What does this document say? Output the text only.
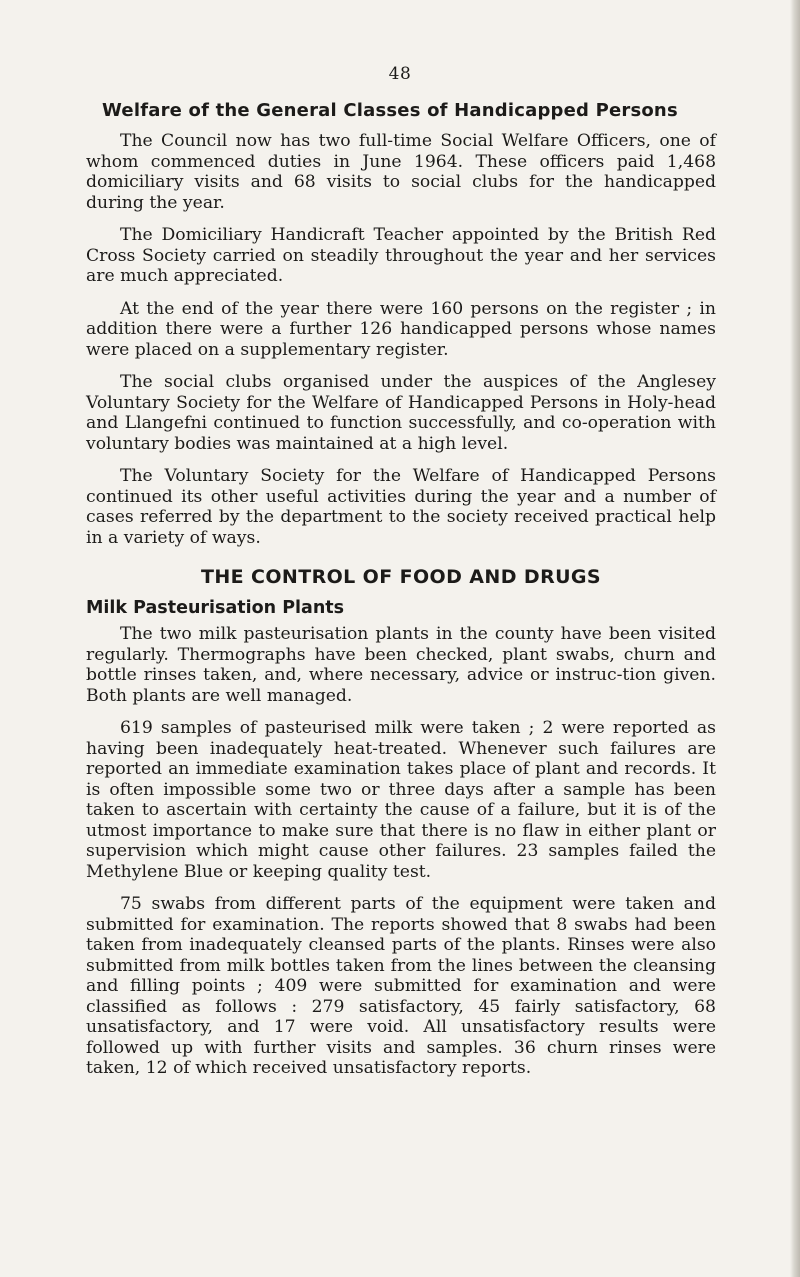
48
Welfare of the General Classes of Handicapped Persons

The Council now has two full-time Social Welfare Officers, one of whom commenced duties in June 1964. These officers paid 1,468 domiciliary visits and 68 visits to social clubs for the handicapped during the year.

The Domiciliary Handicraft Teacher appointed by the British Red Cross Society carried on steadily throughout the year and her services are much appreciated.

At the end of the year there were 160 persons on the register ; in addition there were a further 126 handicapped persons whose names were placed on a supplementary register.

The social clubs organised under the auspices of the Anglesey Voluntary Society for the Welfare of Handicapped Persons in Holy-head and Llangefni continued to function successfully, and co-operation with voluntary bodies was maintained at a high level.

The Voluntary Society for the Welfare of Handicapped Persons continued its other useful activities during the year and a number of cases referred by the department to the society received practical help in a variety of ways.

THE CONTROL OF FOOD AND DRUGS
Milk Pasteurisation Plants

The two milk pasteurisation plants in the county have been visited regularly. Thermographs have been checked, plant swabs, churn and bottle rinses taken, and, where necessary, advice or instruc-tion given. Both plants are well managed.

619 samples of pasteurised milk were taken ; 2 were reported as having been inadequately heat-treated. Whenever such failures are reported an immediate examination takes place of plant and records. It is often impossible some two or three days after a sample has been taken to ascertain with certainty the cause of a failure, but it is of the utmost importance to make sure that there is no flaw in either plant or supervision which might cause other failures. 23 samples failed the Methylene Blue or keeping quality test.

75 swabs from different parts of the equipment were taken and submitted for examination. The reports showed that 8 swabs had been taken from inadequately cleansed parts of the plants. Rinses were also submitted from milk bottles taken from the lines between the cleansing and filling points ; 409 were submitted for examination and were classified as follows : 279 satisfactory, 45 fairly satisfactory, 68 unsatisfactory, and 17 were void. All unsatisfactory results were followed up with further visits and samples. 36 churn rinses were taken, 12 of which received unsatisfactory reports.
